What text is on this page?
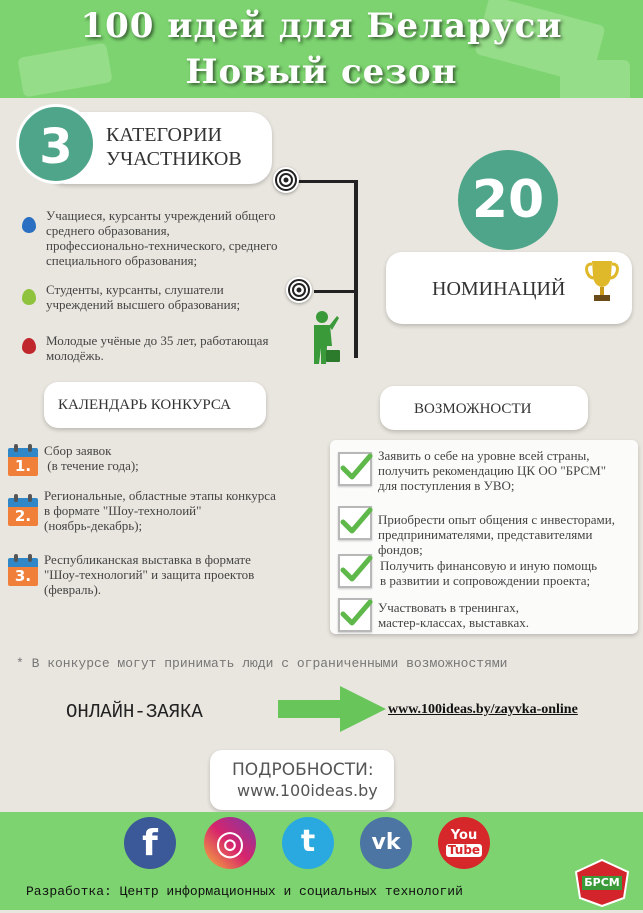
100 идей для Беларуси
Новый сезон
3	КАТЕГОРИИ
УЧАСТНИКОВ
Учащиеся, курсанты учреждений общего
среднего образования,
профессионально-технического, среднего
специального образования;
Студенты, курсанты, слушатели
учреждений высшего образования;
Молодые учёные до 35 лет, работающая
молодёжь.
20
НОМИНАЦИЙ
КАЛЕНДАРЬ КОНКУРСА
1.
Сбор заявок
(в течение года);
2.
Региональные, областные этапы конкурса
в формате "Шоу-технолоий"
(ноябрь-декабрь);
3.
Республиканская выставка в формате
"Шоу-технологий" и защита проектов
(февраль).
ВОЗМОЖНОСТИ
Заявить о себе на уровне всей страны,
получить рекомендацию ЦК ОО "БРСМ"
для поступления в УВО;
Приобрести опыт общения с инвесторами,
предпринимателями, представителями
фондов;
Получить финансовую и иную помощь
в развитии и сопровождении проекта;
Участвовать в тренингах,
мастер-классах, выставках.
* В конкурсе могут принимать люди с ограниченными возможностями
ОНЛАЙН-ЗАЯКА	www.100ideas.by/zayvka-online
ПОДРОБНОСТИ:
www.100ideas.by
f	◎	t	vk	You
Tube
Разработка: Центр информационных и социальных технологий
БРСМ
